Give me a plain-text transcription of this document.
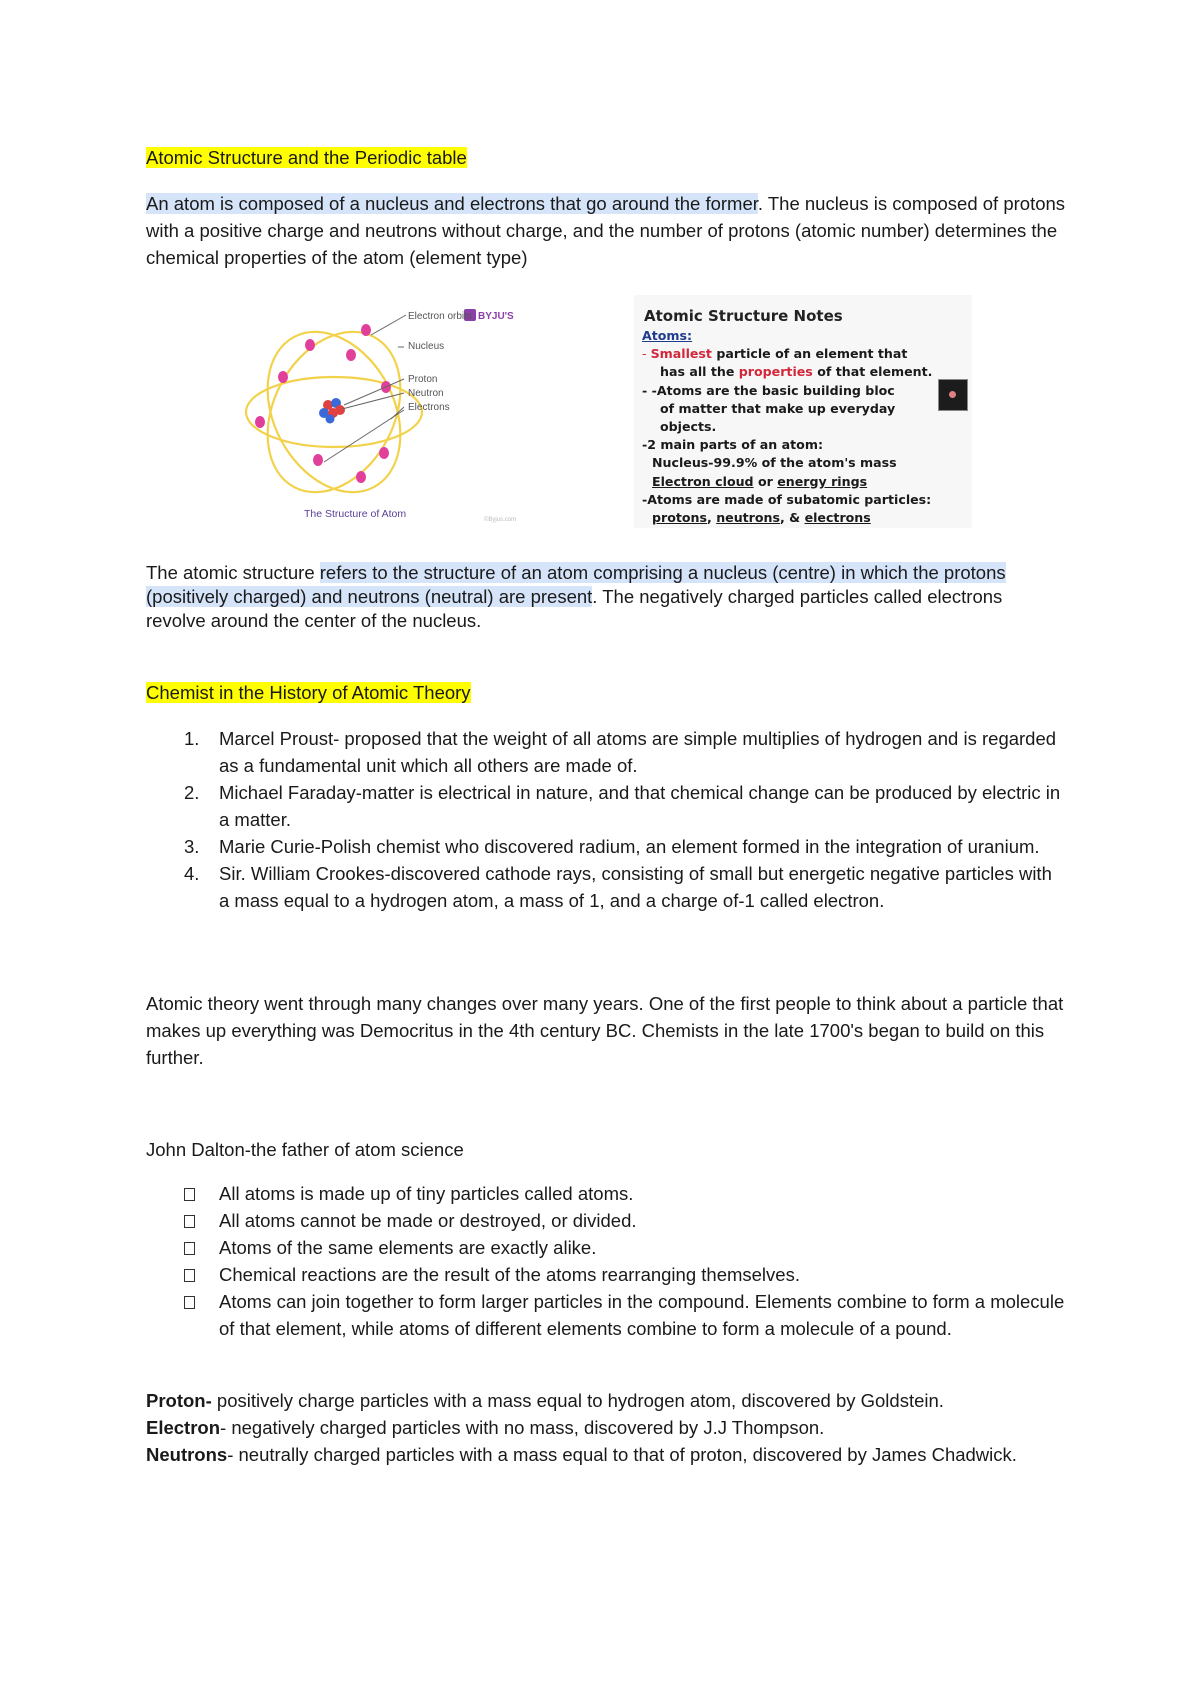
Atomic Structure and the Periodic table
An atom is composed of a nucleus and electrons that go around the former. The nucleus is composed of protons with a positive charge and neutrons without charge, and the number of protons (atomic number) determines the chemical properties of the atom (element type)
BYJU'S
Electron orbits
Nucleus
Proton
Neutron
Electrons
The Structure of Atom	©Byjus.com
Atomic Structure Notes
Atoms:
- Smallest particle of an element that
has all the properties of that element.
- -Atoms are the basic building bloc
of matter that make up everyday
objects.
-2 main parts of an atom:
Nucleus-99.9% of the atom's mass
Electron cloud or energy rings
-Atoms are made of subatomic particles:
protons, neutrons, & electrons
The atomic structure refers to the structure of an atom comprising a nucleus (centre) in which the protons (positively charged) and neutrons (neutral) are present. The negatively charged particles called electrons revolve around the center of the nucleus.
Chemist in the History of Atomic Theory
1. Marcel Proust- proposed that the weight of all atoms are simple multiplies of hydrogen and is regarded as a fundamental unit which all others are made of.
2. Michael Faraday-matter is electrical in nature, and that chemical change can be produced by electric in a matter.
3. Marie Curie-Polish chemist who discovered radium, an element formed in the integration of uranium.
4. Sir. William Crookes-discovered cathode rays, consisting of small but energetic negative particles with a mass equal to a hydrogen atom, a mass of 1, and a charge of-1 called electron.
Atomic theory went through many changes over many years. One of the first people to think about a particle that makes up everything was Democritus in the 4th century BC. Chemists in the late 1700's began to build on this further.
John Dalton-the father of atom science
All atoms is made up of tiny particles called atoms.
All atoms cannot be made or destroyed, or divided.
Atoms of the same elements are exactly alike.
Chemical reactions are the result of the atoms rearranging themselves.
Atoms can join together to form larger particles in the compound. Elements combine to form a molecule of that element, while atoms of different elements combine to form a molecule of a pound.
Proton- positively charge particles with a mass equal to hydrogen atom, discovered by Goldstein.
Electron- negatively charged particles with no mass, discovered by J.J Thompson.
Neutrons- neutrally charged particles with a mass equal to that of proton, discovered by James Chadwick.
